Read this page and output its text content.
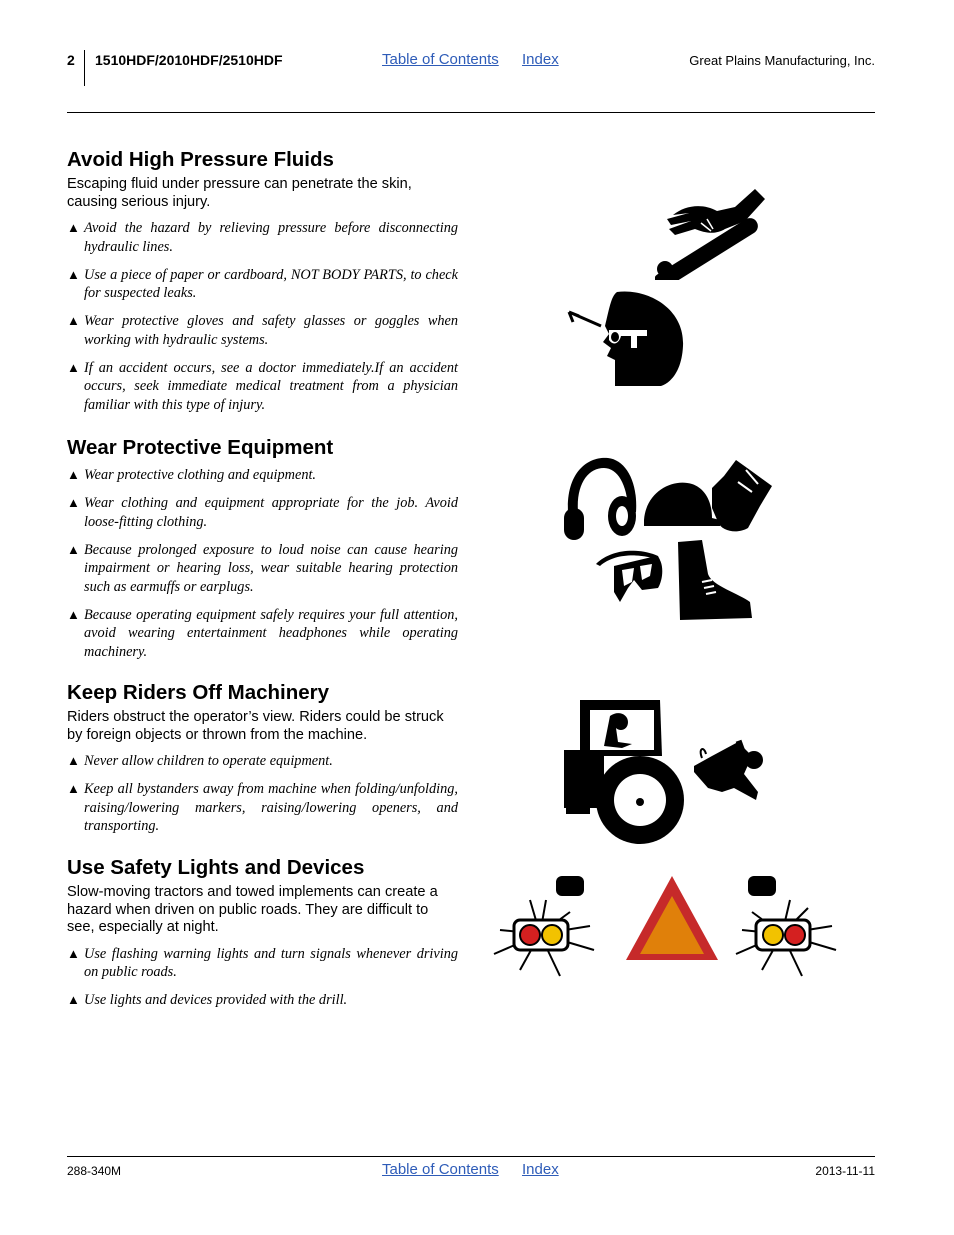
2 1510HDF/2010HDF/2510HDF	Table of Contents Index	Great Plains Manufacturing, Inc.
Avoid High Pressure Fluids

Escaping fluid under pressure can penetrate the skin, causing serious injury.

▲ Avoid the hazard by relieving pressure before disconnecting hydraulic lines.
▲ Use a piece of paper or cardboard, NOT BODY PARTS, to check for suspected leaks.
▲ Wear protective gloves and safety glasses or goggles when working with hydraulic systems.
▲ If an accident occurs, see a doctor immediately.If an accident occurs, seek immediate medical treatment from a physician familiar with this type of injury.
Wear Protective Equipment
▲ Wear protective clothing and equipment.
▲ Wear clothing and equipment appropriate for the job. Avoid loose-fitting clothing.
▲ Because prolonged exposure to loud noise can cause hearing impairment or hearing loss, wear suitable hearing protection such as earmuffs or earplugs.
▲ Because operating equipment safely requires your full attention, avoid wearing entertainment headphones while operating machinery.
Keep Riders Off Machinery

Riders obstruct the operator’s view. Riders could be struck by foreign objects or thrown from the machine.

▲ Never allow children to operate equipment.
▲ Keep all bystanders away from machine when folding/unfolding, raising/lowering markers, raising/lowering openers, and transporting.
Use Safety Lights and Devices

Slow-moving tractors and towed implements can create a hazard when driven on public roads. They are difficult to see, especially at night.

▲ Use flashing warning lights and turn signals whenever driving on public roads.
▲ Use lights and devices provided with the drill.
288-340M	Table of Contents Index	2013-11-11
